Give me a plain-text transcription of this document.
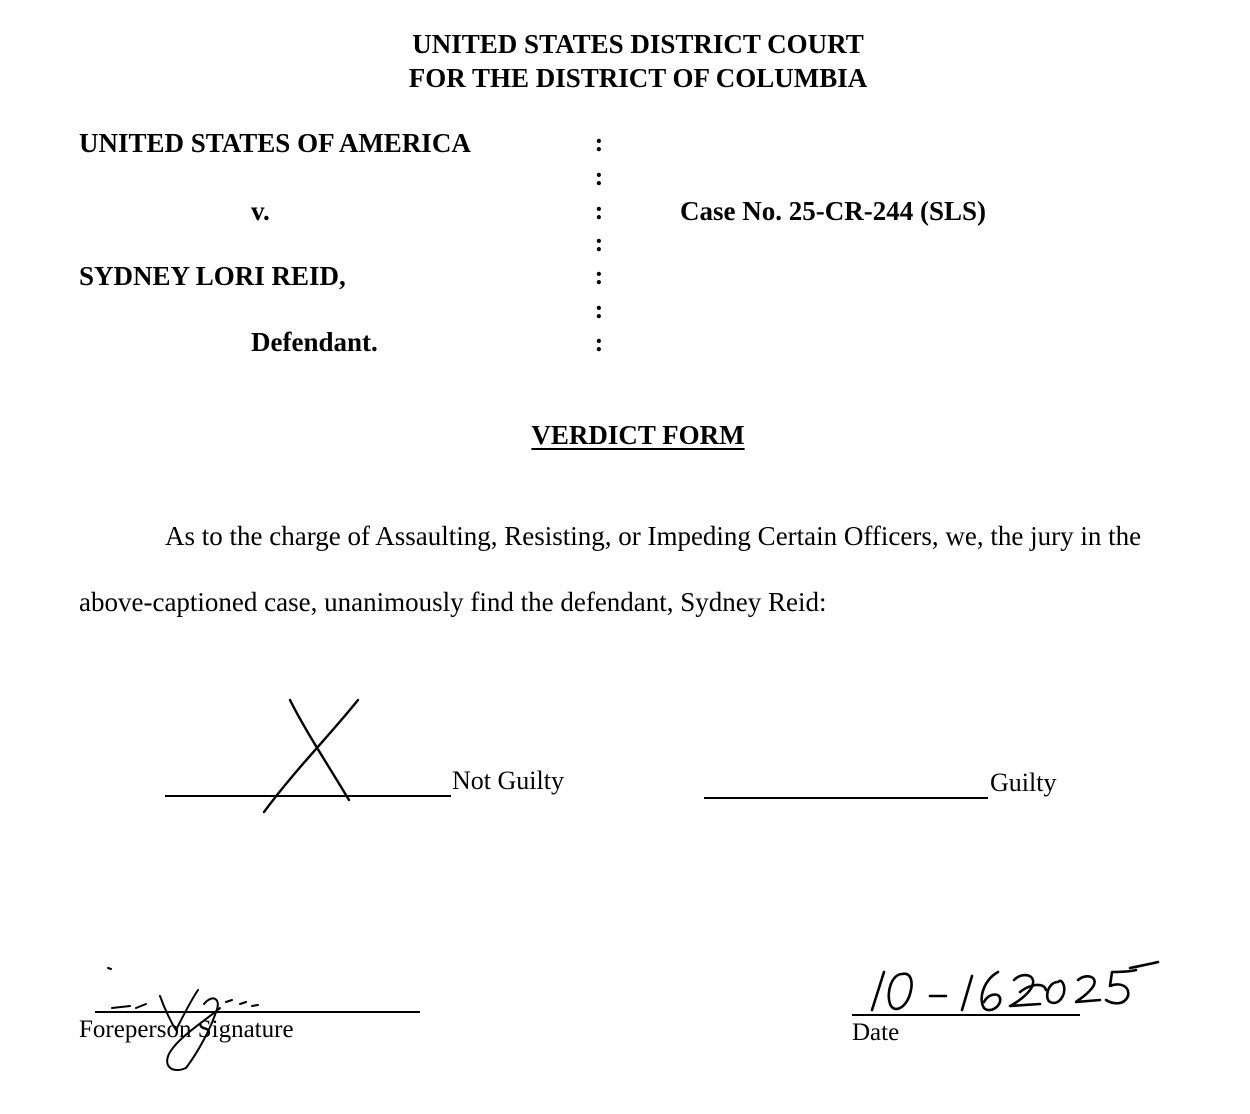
UNITED STATES DISTRICT COURT
FOR THE DISTRICT OF COLUMBIA
UNITED STATES OF AMERICA
v.
SYDNEY LORI REID,
Defendant.
:
:
:
:
:
:
:
Case No. 25-CR-244 (SLS)
VERDICT FORM
As to the charge of Assaulting, Resisting, or Impeding Certain Officers, we, the jury in the
above-captioned case, unanimously find the defendant, Sydney Reid:
Not Guilty	Guilty
Foreperson Signature	Date
